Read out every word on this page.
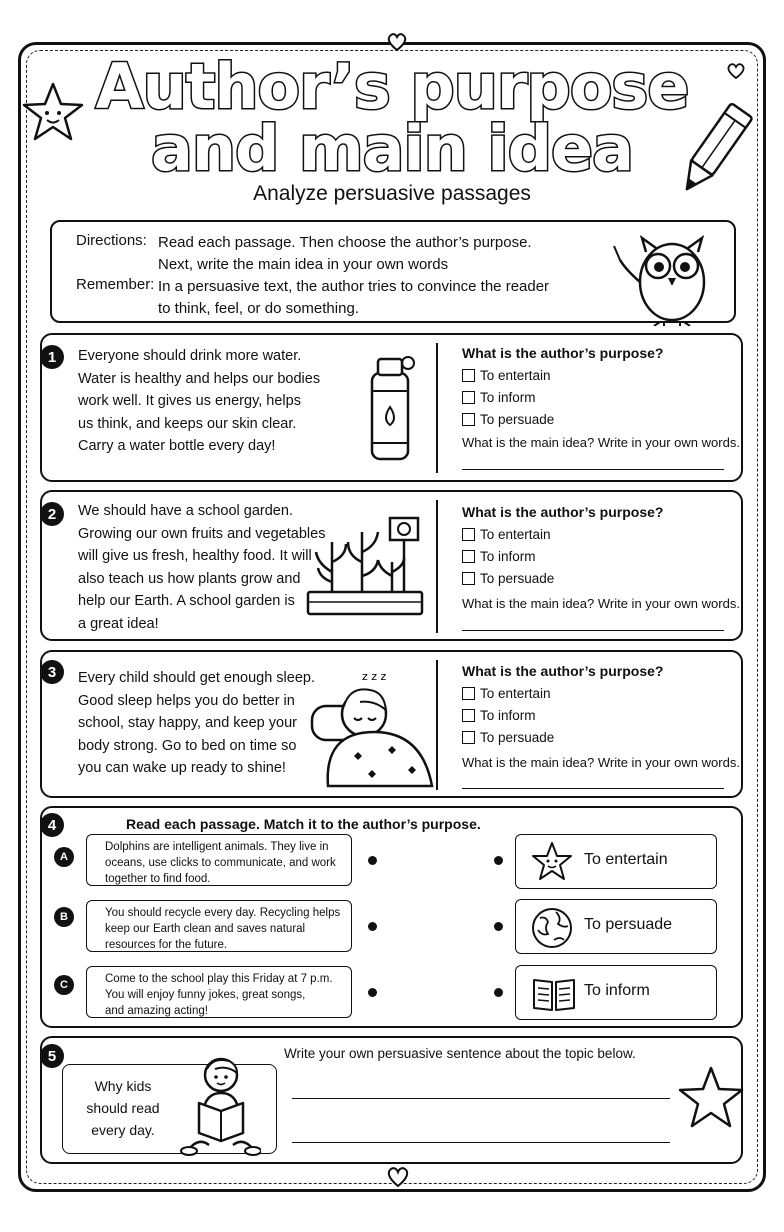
Author’s purpose
and main idea
Analyze persuasive passages
Directions: Read each passage. Then choose the author’s purpose.
Next, write the main idea in your own words
Remember: In a persuasive text, the author tries to convince the reader
to think, feel, or do something.
1	Everyone should drink more water.
Water is healthy and helps our bodies
work well. It gives us energy, helps
us think, and keeps our skin clear.
Carry a water bottle every day!
What is the author’s purpose?
To entertain
To inform
To persuade
What is the main idea? Write in your own words.
2	We should have a school garden.
Growing our own fruits and vegetables
will give us fresh, healthy food. It will
also teach us how plants grow and
help our Earth. A school garden is
a great idea!
What is the author’s purpose?
To entertain
To inform
To persuade
What is the main idea? Write in your own words.
3	Every child should get enough sleep.
Good sleep helps you do better in
school, stay happy, and keep your
body strong. Go to bed on time so
you can wake up ready to shine!
z z z	What is the author’s purpose?
To entertain
To inform
To persuade
What is the main idea? Write in your own words.
4	Read each passage. Match it to the author’s purpose.
A
Dolphins are intelligent animals. They live in
oceans, use clicks to communicate, and work
together to find food.
To entertain
B	You should recycle every day. Recycling helps
keep our Earth clean and saves natural
resources for the future.
To persuade
C	Come to the school play this Friday at 7 p.m.
You will enjoy funny jokes, great songs,
and amazing acting!
To inform
5	Write your own persuasive sentence about the topic below.
Why kids
should read
every day.
